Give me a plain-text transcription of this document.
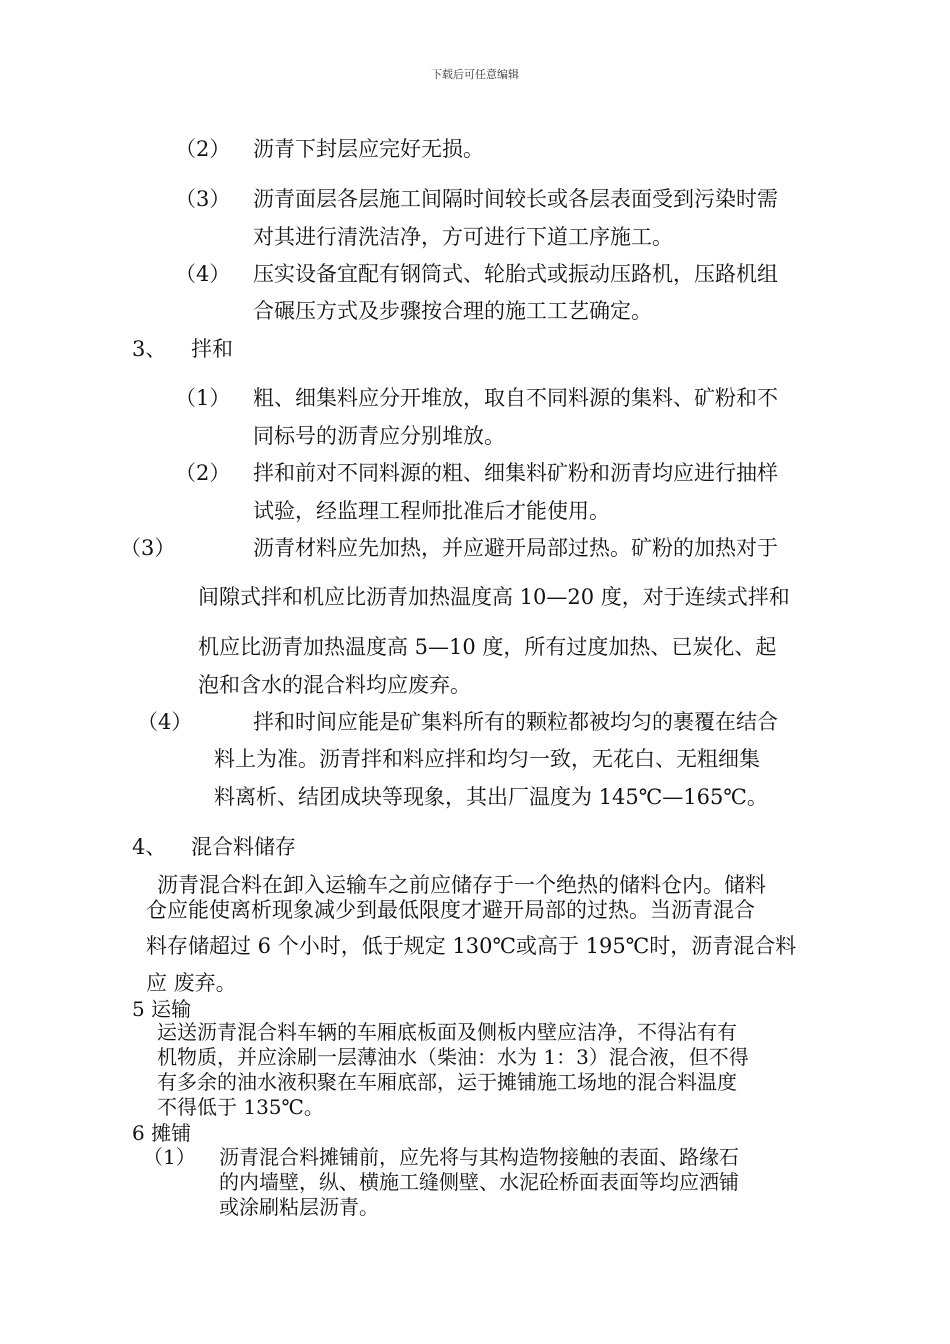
下载后可任意编辑
（2） 沥青下封层应完好无损。
（3） 沥青面层各层施工间隔时间较长或各层表面受到污染时需
对其进行清洗洁净，方可进行下道工序施工。
（4） 压实设备宜配有钢筒式、轮胎式或振动压路机，压路机组
合碾压方式及步骤按合理的施工工艺确定。
3、 拌和
（1） 粗、细集料应分开堆放，取自不同料源的集料、矿粉和不
同标号的沥青应分别堆放。
（2） 拌和前对不同料源的粗、细集料矿粉和沥青均应进行抽样
试验，经监理工程师批准后才能使用。
（3）	沥青材料应先加热，并应避开局部过热。矿粉的加热对于
间隙式拌和机应比沥青加热温度高 10—20 度，对于连续式拌和
机应比沥青加热温度高 5—10 度，所有过度加热、已炭化、起
泡和含水的混合料均应废弃。
（4）	拌和时间应能是矿集料所有的颗粒都被均匀的裹覆在结合
料上为准。沥青拌和料应拌和均匀一致，无花白、无粗细集
料离析、结团成块等现象，其出厂温度为 145℃—165℃。
4、 混合料储存
沥青混合料在卸入运输车之前应储存于一个绝热的储料仓内。储料
仓应能使离析现象减少到最低限度才避开局部的过热。当沥青混合
料存储超过 6 个小时，低于规定 130℃或高于 195℃时，沥青混合料
应 废弃。
5 运输
运送沥青混合料车辆的车厢底板面及侧板内壁应洁净，不得沾有有
机物质，并应涂刷一层薄油水（柴油：水为 1：3）混合液，但不得
有多余的油水液积聚在车厢底部，运于摊铺施工场地的混合料温度
不得低于 135℃。
6 摊铺
（1） 沥青混合料摊铺前，应先将与其构造物接触的表面、路缘石
的内墙壁，纵、横施工缝侧壁、水泥砼桥面表面等均应洒铺
或涂刷粘层沥青。
